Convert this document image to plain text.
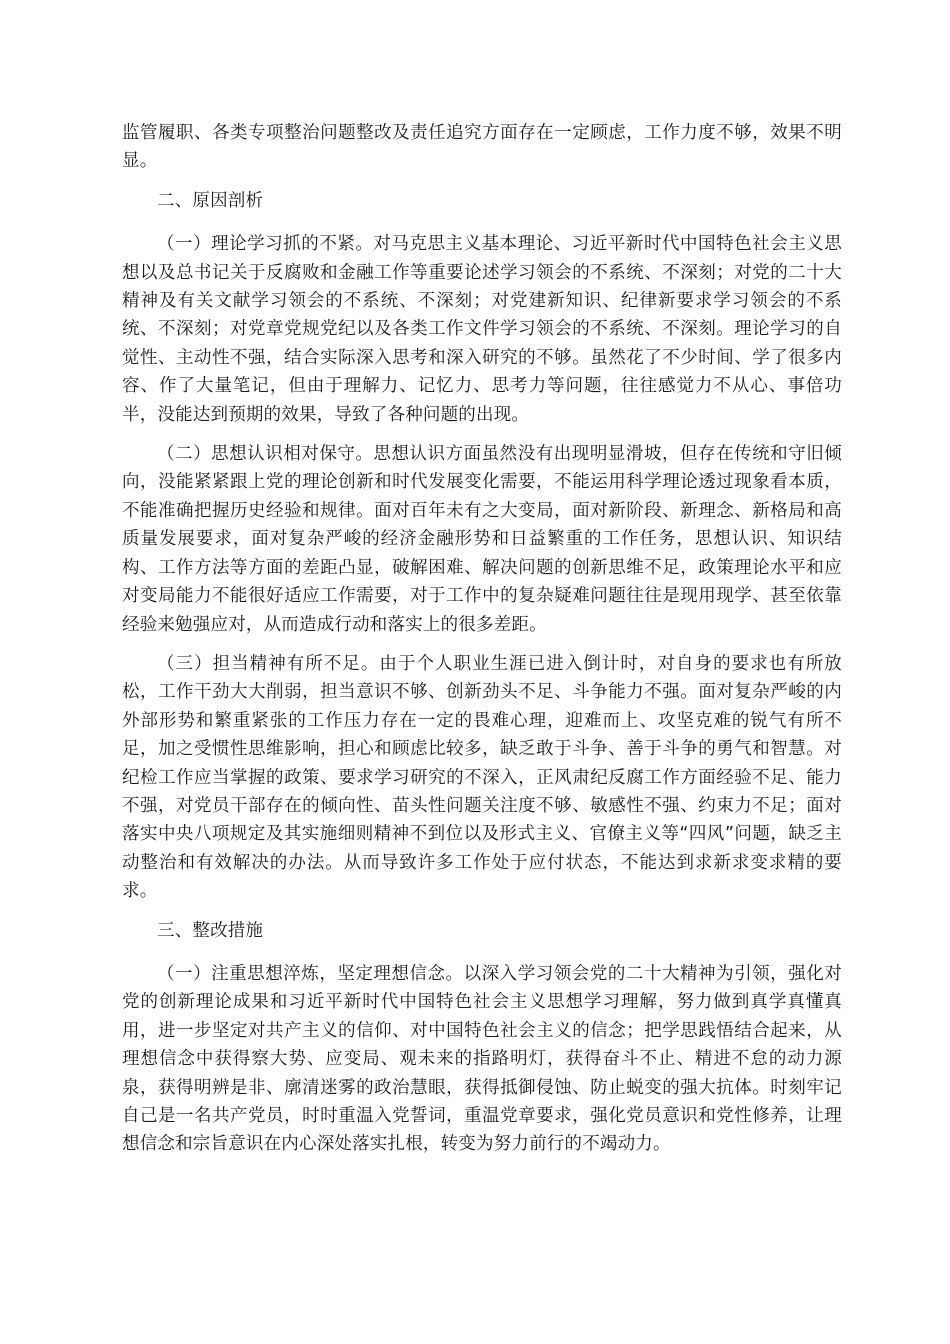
监管履职、各类专项整治问题整改及责任追究方面存在一定顾虑，工作力度不够，效果不明显。

二、原因剖析

（一）理论学习抓的不紧。对马克思主义基本理论、习近平新时代中国特色社会主义思想以及总书记关于反腐败和金融工作等重要论述学习领会的不系统、不深刻；对党的二十大精神及有关文献学习领会的不系统、不深刻；对党建新知识、纪律新要求学习领会的不系统、不深刻；对党章党规党纪以及各类工作文件学习领会的不系统、不深刻。理论学习的自觉性、主动性不强，结合实际深入思考和深入研究的不够。虽然花了不少时间、学了很多内容、作了大量笔记，但由于理解力、记忆力、思考力等问题，往往感觉力不从心、事倍功半，没能达到预期的效果，导致了各种问题的出现。

（二）思想认识相对保守。思想认识方面虽然没有出现明显滑坡，但存在传统和守旧倾向，没能紧紧跟上党的理论创新和时代发展变化需要，不能运用科学理论透过现象看本质，不能准确把握历史经验和规律。面对百年未有之大变局，面对新阶段、新理念、新格局和高质量发展要求，面对复杂严峻的经济金融形势和日益繁重的工作任务，思想认识、知识结构、工作方法等方面的差距凸显，破解困难、解决问题的创新思维不足，政策理论水平和应对变局能力不能很好适应工作需要，对于工作中的复杂疑难问题往往是现用现学、甚至依靠经验来勉强应对，从而造成行动和落实上的很多差距。

（三）担当精神有所不足。由于个人职业生涯已进入倒计时，对自身的要求也有所放松，工作干劲大大削弱，担当意识不够、创新劲头不足、斗争能力不强。面对复杂严峻的内外部形势和繁重紧张的工作压力存在一定的畏难心理，迎难而上、攻坚克难的锐气有所不足，加之受惯性思维影响，担心和顾虑比较多，缺乏敢于斗争、善于斗争的勇气和智慧。对纪检工作应当掌握的政策、要求学习研究的不深入，正风肃纪反腐工作方面经验不足、能力不强，对党员干部存在的倾向性、苗头性问题关注度不够、敏感性不强、约束力不足；面对落实中央八项规定及其实施细则精神不到位以及形式主义、官僚主义等“四风”问题，缺乏主动整治和有效解决的办法。从而导致许多工作处于应付状态，不能达到求新求变求精的要求。

三、整改措施

（一）注重思想淬炼，坚定理想信念。以深入学习领会党的二十大精神为引领，强化对党的创新理论成果和习近平新时代中国特色社会主义思想学习理解，努力做到真学真懂真用，进一步坚定对共产主义的信仰、对中国特色社会主义的信念；把学思践悟结合起来，从理想信念中获得察大势、应变局、观未来的指路明灯，获得奋斗不止、精进不怠的动力源泉，获得明辨是非、廓清迷雾的政治慧眼，获得抵御侵蚀、防止蜕变的强大抗体。时刻牢记自己是一名共产党员，时时重温入党誓词，重温党章要求，强化党员意识和党性修养，让理想信念和宗旨意识在内心深处落实扎根，转变为努力前行的不竭动力。
